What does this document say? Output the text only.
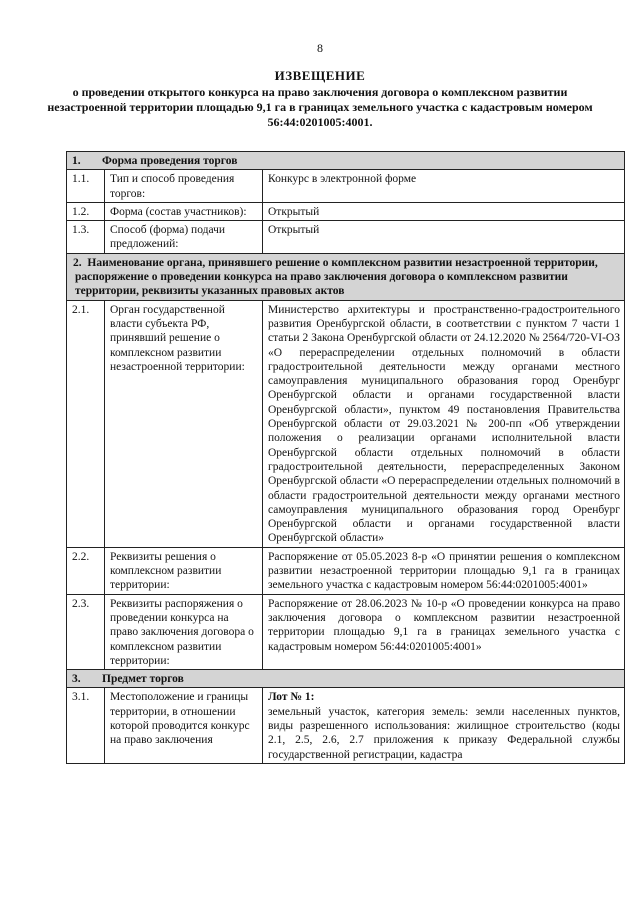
8
ИЗВЕЩЕНИЕ
о проведении открытого конкурса на право заключения договора о комплексном развитии незастроенной территории площадью 9,1 га в границах земельного участка с кадастровым номером 56:44:0201005:4001.
1. Форма проведения торгов		
1.1.	Тип и способ проведения торгов:	Конкурс в электронной форме
1.2.	Форма (состав участников):	Открытый
1.3.	Способ (форма) подачи предложений:	Открытый
2. Наименование органа, принявшего решение о комплексном развитии незастроенной территории, распоряжение о проведении конкурса на право заключения договора о комплексном развитии территории, реквизиты указанных правовых актов		
2.1.	Орган государственной власти субъекта РФ, принявший решение о комплексном развитии незастроенной территории:	Министерство архитектуры и пространственно-градостроительного развития Оренбургской области, в соответствии с пунктом 7 части 1 статьи 2 Закона Оренбургской области от 24.12.2020 № 2564/720-VI-ОЗ «О перераспределении отдельных полномочий в области градостроительной деятельности между органами местного самоуправления муниципального образования город Оренбург Оренбургской области и органами государственной власти Оренбургской области», пунктом 49 постановления Правительства Оренбургской области от 29.03.2021 № 200-пп «Об утверждении положения о реализации органами исполнительной власти Оренбургской области отдельных полномочий в области градостроительной деятельности, перераспределенных Законом Оренбургской области «О перераспределении отдельных полномочий в области градостроительной деятельности между органами местного самоуправления муниципального образования город Оренбург Оренбургской области и органами государственной власти Оренбургской области»
2.2.	Реквизиты решения о комплексном развитии территории:	Распоряжение от 05.05.2023 8-р «О принятии решения о комплексном развитии незастроенной территории площадью 9,1 га в границах земельного участка с кадастровым номером 56:44:0201005:4001»
2.3.	Реквизиты распоряжения о проведении конкурса на право заключения договора о комплексном развитии территории:	Распоряжение от 28.06.2023 № 10-р «О проведении конкурса на право заключения договора о комплексном развитии незастроенной территории площадью 9,1 га в границах земельного участка с кадастровым номером 56:44:0201005:4001»
3. Предмет торгов		
3.1.	Местоположение и границы территории, в отношении которой проводится конкурс на право заключения	Лот № 1:
земельный участок, категория земель: земли населенных пунктов, виды разрешенного использования: жилищное строительство (коды 2.1, 2.5, 2.6, 2.7 приложения к приказу Федеральной службы государственной регистрации, кадастра
